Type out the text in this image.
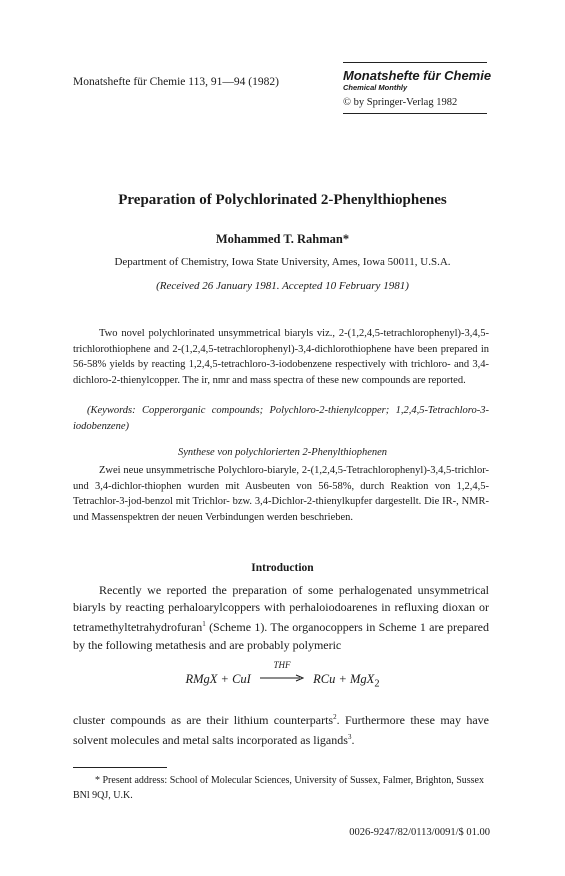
Monatshefte für Chemie 113, 91—94 (1982)	Monatshefte für Chemie
Chemical Monthly
© by Springer-Verlag 1982
Preparation of Polychlorinated 2-Phenylthiophenes
Mohammed T. Rahman*
Department of Chemistry, Iowa State University, Ames, Iowa 50011, U.S.A.
(Received 26 January 1981. Accepted 10 February 1981)

Two novel polychlorinated unsymmetrical biaryls viz., 2-(1,2,4,5-tetrachlorophenyl)-3,4,5-trichlorothiophene and 2-(1,2,4,5-tetrachlorophenyl)-3,4-dichlorothiophene have been prepared in 56-58% yields by reacting 1,2,4,5-tetrachloro-3-iodobenzene respectively with trichloro- and 3,4-dichloro-2-thienylcopper. The ir, nmr and mass spectra of these new compounds are reported.

(Keywords: Copperorganic compounds; Polychloro-2-thienylcopper; 1,2,4,5-Tetrachloro-3-iodobenzene)

Synthese von polychlorierten 2-Phenylthiophenen

Zwei neue unsymmetrische Polychloro-biaryle, 2-(1,2,4,5-Tetrachlorophenyl)-3,4,5-trichlor- und 3,4-dichlor-thiophen wurden mit Ausbeuten von 56-58%, durch Reaktion von 1,2,4,5-Tetrachlor-3-jod-benzol mit Trichlor- bzw. 3,4-Dichlor-2-thienylkupfer dargestellt. Die IR-, NMR- und Massenspektren der neuen Verbindungen werden beschrieben.

Introduction

Recently we reported the preparation of some perhalogenated unsymmetrical biaryls by reacting perhaloarylcoppers with perhaloiodoarenes in refluxing dioxan or tetramethyltetrahydrofuran$^1$ (Scheme 1). The organocoppers in Scheme 1 are prepared by the following metathesis and are probably polymeric

RMgX + CuI
THF
RCu + MgX$_2$

cluster compounds as are their lithium counterparts$^2$. Furthermore these may have solvent molecules and metal salts incorporated as ligands$^3$.

* Present address: School of Molecular Sciences, University of Sussex, Falmer, Brighton, Sussex BNl 9QJ, U.K.

0026-9247/82/0113/0091/$ 01.00
